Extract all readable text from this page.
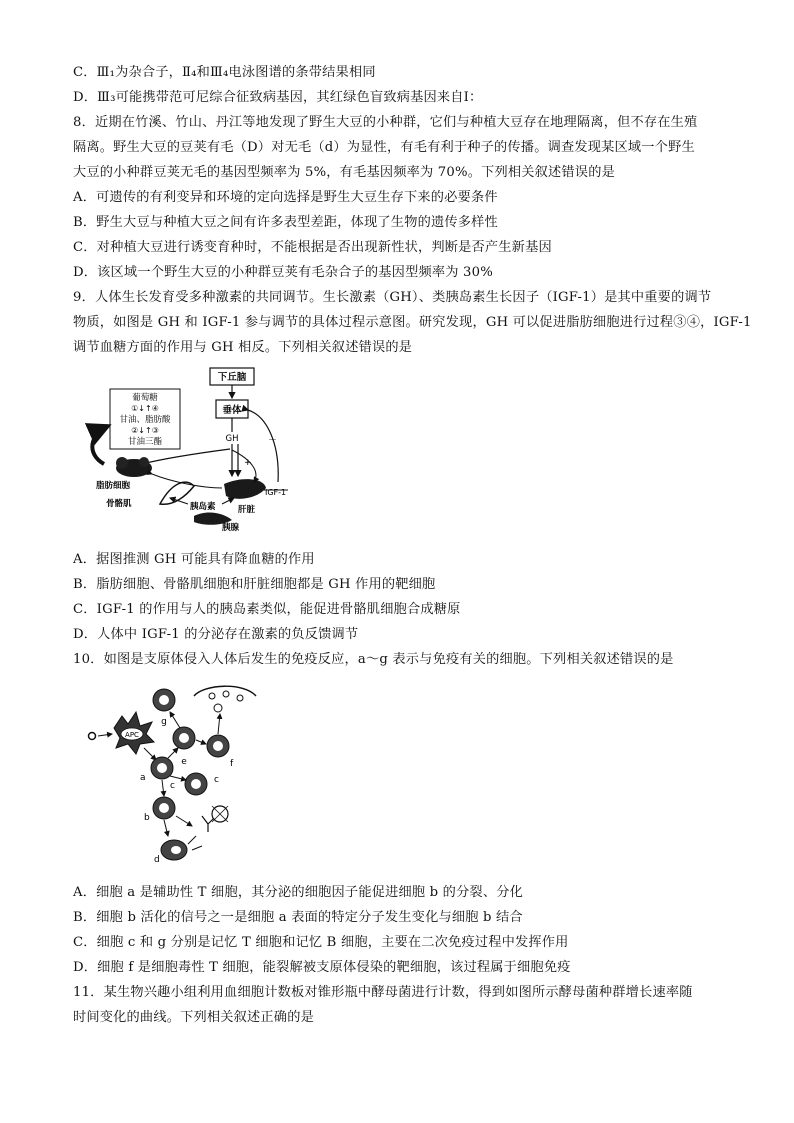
C．Ⅲ₁为杂合子，Ⅱ₄和Ⅲ₄电泳图谱的条带结果相同
D．Ⅲ₃可能携带范可尼综合征致病基因，其红绿色盲致病基因来自Ⅰ：
8．近期在竹溪、竹山、丹江等地发现了野生大豆的小种群，它们与种植大豆存在地理隔离，但不存在生殖
隔离。野生大豆的豆荚有毛（D）对无毛（d）为显性，有毛有利于种子的传播。调查发现某区域一个野生
大豆的小种群豆荚无毛的基因型频率为 5%，有毛基因频率为 70%。下列相关叙述错误的是
A．可遗传的有利变异和环境的定向选择是野生大豆生存下来的必要条件
B．野生大豆与种植大豆之间有许多表型差距，体现了生物的遗传多样性
C．对种植大豆进行诱变育种时，不能根据是否出现新性状，判断是否产生新基因
D．该区域一个野生大豆的小种群豆荚有毛杂合子的基因型频率为 30%
9．人体生长发育受多种激素的共同调节。生长激素（GH）、类胰岛素生长因子（IGF-1）是其中重要的调节
物质，如图是 GH 和 IGF-1 参与调节的具体过程示意图。研究发现，GH 可以促进脂肪细胞进行过程③④，IGF-1
调节血糖方面的作用与 GH 相反。下列相关叙述错误的是
葡萄糖
①↓↑④
甘油、脂肪酸
②↓↑③
甘油三酯
下丘脑
垂体
GH
+
－
IGF-1
脂肪细胞
骨骼肌
肝脏
胰腺
胰岛素
A．据图推测 GH 可能具有降血糖的作用
B．脂肪细胞、骨骼肌细胞和肝脏细胞都是 GH 作用的靶细胞
C．IGF-1 的作用与人的胰岛素类似，能促进骨骼肌细胞合成糖原
D．人体中 IGF-1 的分泌存在激素的负反馈调节
10．如图是支原体侵入人体后发生的免疫反应，a～g 表示与免疫有关的细胞。下列相关叙述错误的是
APC
a
e
g
f
c
b
c
d
A．细胞 a 是辅助性 T 细胞，其分泌的细胞因子能促进细胞 b 的分裂、分化
B．细胞 b 活化的信号之一是细胞 a 表面的特定分子发生变化与细胞 b 结合
C．细胞 c 和 g 分别是记忆 T 细胞和记忆 B 细胞，主要在二次免疫过程中发挥作用
D．细胞 f 是细胞毒性 T 细胞，能裂解被支原体侵染的靶细胞，该过程属于细胞免疫
11．某生物兴趣小组利用血细胞计数板对锥形瓶中酵母菌进行计数，得到如图所示酵母菌种群增长速率随
时间变化的曲线。下列相关叙述正确的是
